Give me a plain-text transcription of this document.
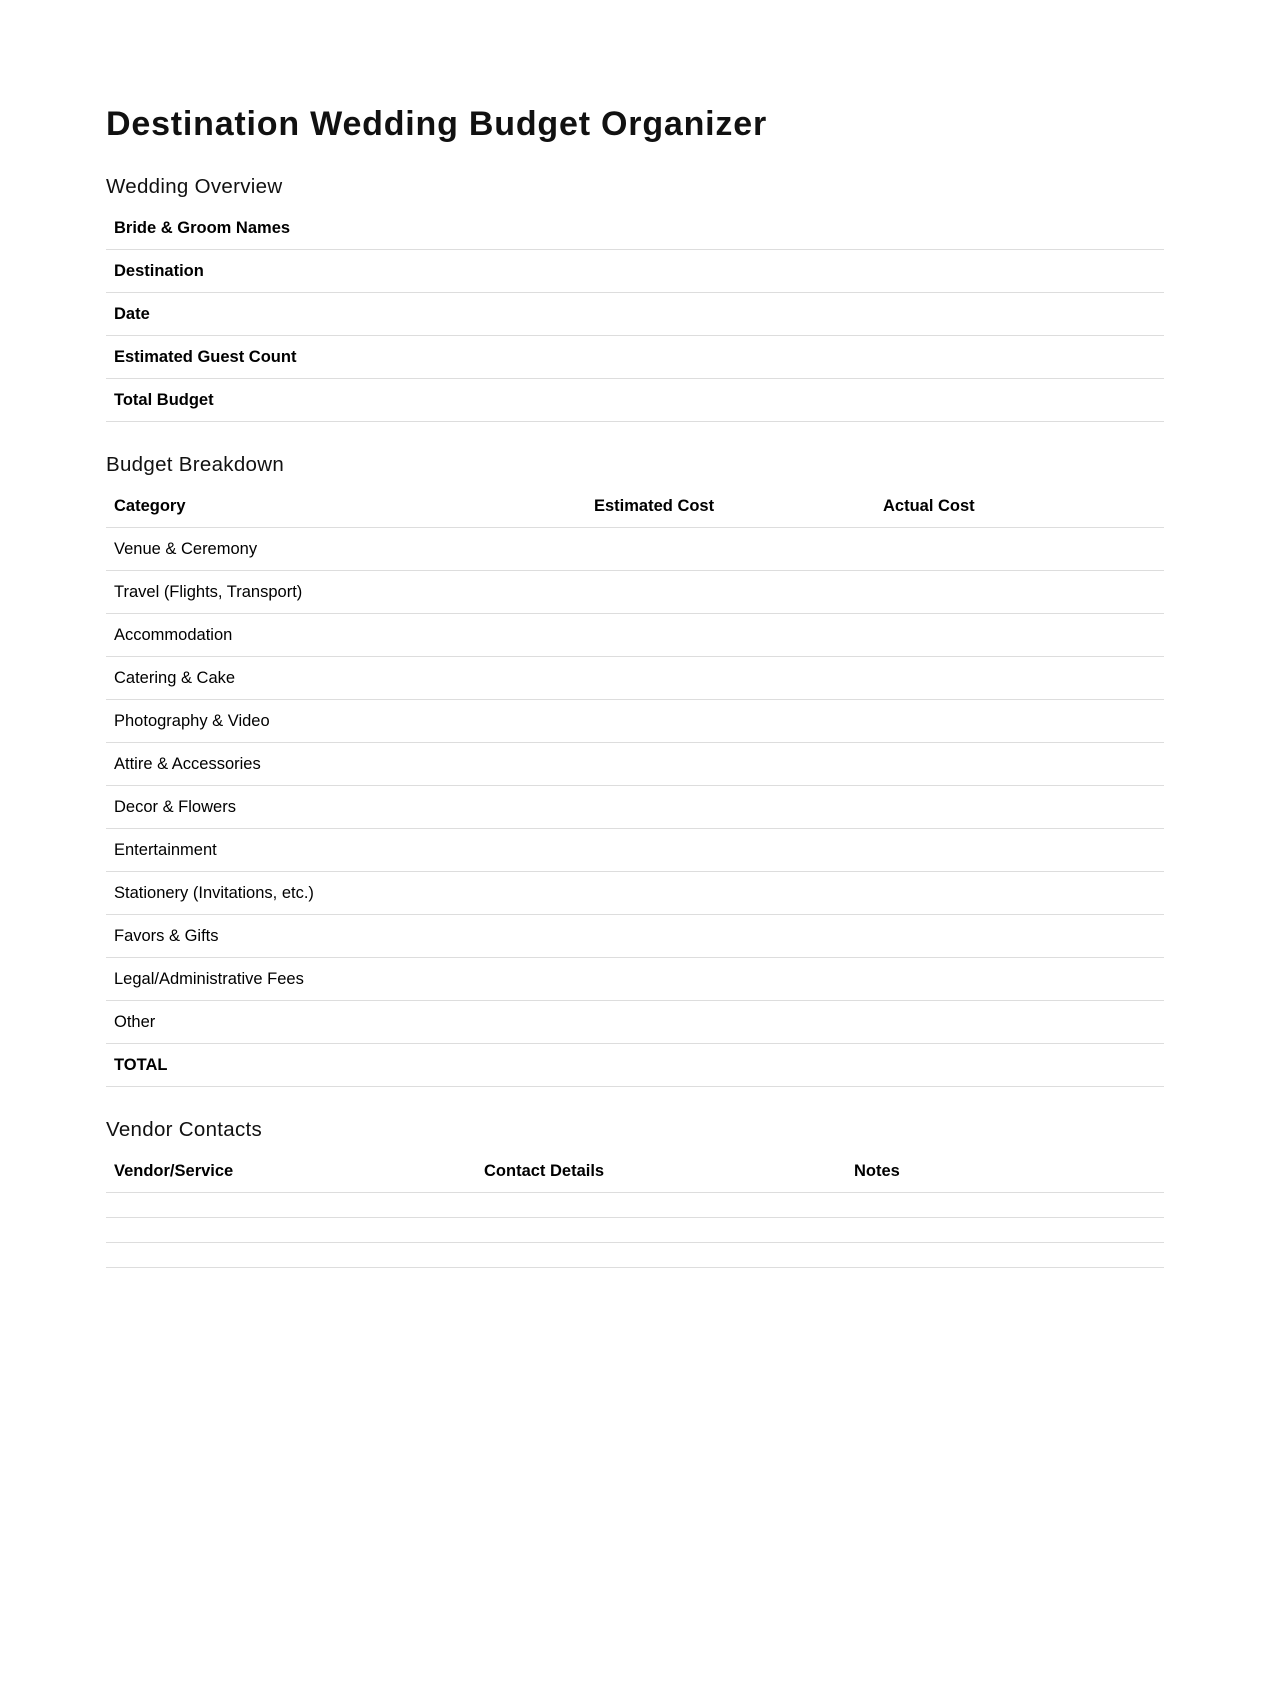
Destination Wedding Budget Organizer
Wedding Overview
Bride & Groom Names	
Destination	
Date	
Estimated Guest Count	
Total Budget	
Budget Breakdown
Category	Estimated Cost	Actual Cost
Venue & Ceremony		
Travel (Flights, Transport)		
Accommodation		
Catering & Cake		
Photography & Video		
Attire & Accessories		
Decor & Flowers		
Entertainment		
Stationery (Invitations, etc.)		
Favors & Gifts		
Legal/Administrative Fees		
Other		
TOTAL		
Vendor Contacts
Vendor/Service	Contact Details	Notes
